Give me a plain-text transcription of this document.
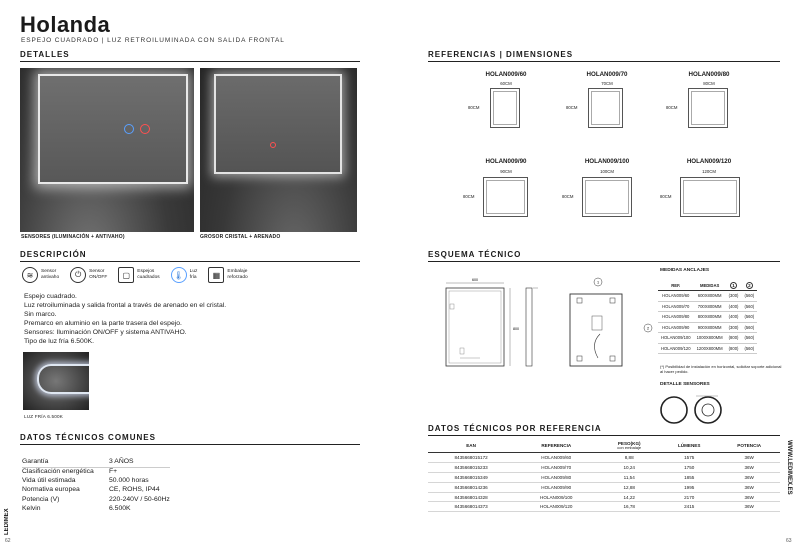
Holanda
ESPEJO CUADRADO | LUZ RETROILUMINADA CON SALIDA FRONTAL
DETALLES
SENSORES (ILUMINACIÓN + ANTIVAHO)	GROSOR CRISTAL + ARENADO
DESCRIPCIÓN
≋	Sensor
antivaho	⏻	Sensor
ON/OFF	▢	Espejos
cuadrados	🌡	Luz
fría	▦	Embalaje
reforzado
Espejo cuadrado.
Luz retroiluminada y salida frontal a través de arenado en el cristal.
Sin marco.
Premarco en aluminio en la parte trasera del espejo.
Sensores: Iluminación ON/OFF y sistema ANTIVAHO.
Tipo de luz fría 6.500K.
LUZ FRÍA 6.500K
DATOS TÉCNICOS COMUNES
Garantía	3 AÑOS
Clasificación energética	F+
Vida útil estimada	50.000 horas
Normativa europea	CE, ROHS, IP44
Potencia (V)	220-240V / 50-60Hz
Kelvin	6.500K
LEDIMEX
62
REFERENCIAS | DIMENSIONES
HOLAN009/60
60CM
80CM
HOLAN009/70
70CM
80CM
HOLAN009/80
80CM
80CM
HOLAN009/90
90CM
80CM
HOLAN009/100
100CM
80CM
HOLAN009/120
120CM
80CM
ESQUEMA TÉCNICO
600
800
1
2
MEDIDAS ANCLAJES
REF.	MEDIDAS	1	2
HOLAN009/60	600X800MM	(300)	(560)
HOLAN009/70	700X800MM	(400)	(560)
HOLAN009/80	800X800MM	(400)	(560)
HOLAN009/90	900X800MM	(300)	(560)
HOLAN009/100	1000X800MM	(800)	(560)
HOLAN009/120	1200X800MM	(800)	(560)
(*) Posibilidad de instalación en horizontal, solicitar soporte adicional al hacer pedido.
DETALLE SENSORES
DATOS TÉCNICOS POR REFERENCIA
EAN	REFERENCIA	PESO(KG)
con embalaje	LÚMENES	POTENCIA
8435668015172	HOLAN009/60	8,88	1575	36W
8435668015233	HOLAN009/70	10,24	1750	36W
8435668015349	HOLAN009/80	11,54	1855	36W
8435668014236	HOLAN009/90	12,88	1995	36W
8435668014328	HOLAN009/100	14,22	2170	36W
8435668014373	HOLAN009/120	16,78	2415	36W
WWW.LEDIMEX.ES
63
